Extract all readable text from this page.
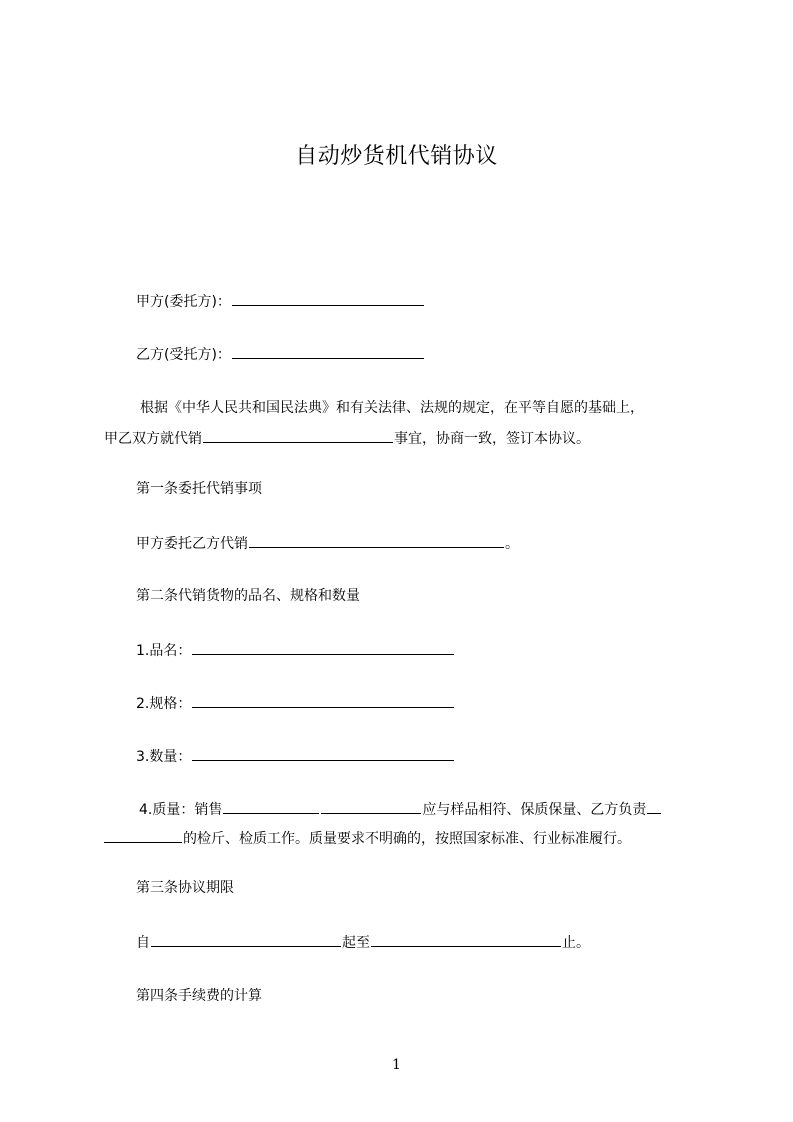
自动炒货机代销协议
甲方(委托方)：
乙方(受托方)：
根据《中华人民共和国民法典》和有关法律、法规的规定，在平等自愿的基础上，
甲乙双方就代销	事宜，协商一致，签订本协议。
第一条委托代销事项
甲方委托乙方代销	。
第二条代销货物的品名、规格和数量
1.品名：
2.规格：
3.数量：
4.质量：销售	应与样品相符、保质保量、乙方负责
的检斤、检质工作。质量要求不明确的，按照国家标准、行业标准履行。
第三条协议期限
自	起至	止。
第四条手续费的计算
1
